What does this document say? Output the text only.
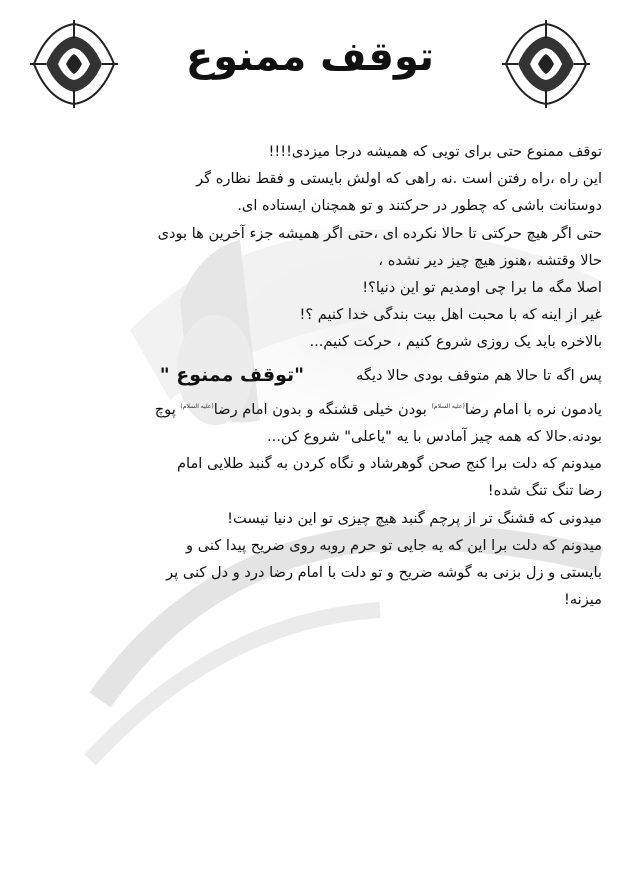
توقف ممنوع

توقف ممنوع حتی برای تویی که همیشه درجا میزدی!!!!

این راه ،راه رفتن است .نه راهی که اولش بایستی و فقط نظاره گر

دوستانت باشی که چطور در حرکتند و تو همچنان ایستاده ای.

حتی اگر هیچ حرکتی تا حالا نکرده ای ،حتی اگر همیشه جزء آخرین ها بودی

حالا وقتشه ،هنوز هیچ چیز دیر نشده ،

اصلا مگه ما برا چی اومدیم تو این دنیا؟!

غیر از اینه که با محبت اهل بیت بندگی خدا کنیم ؟!

بالاخره باید یک روزی شروع کنیم ، حرکت کنیم...

پس اگه تا حالا هم متوقف بودی حالا دیگه
"توقف ممنوع "

یادمون نره با امام رضا$^{(علیه السلام)}$ بودن خیلی قشنگه و بدون امام رضا$^{(علیه السلام)}$ پوچ

بودنه.حالا که همه چیز آمادس با یه "یاعلی" شروع کن...

میدونم که دلت برا کنج صحن گوهرشاد و نگاه کردن به گنبد طلایی امام

رضا تنگ تنگ شده!

میدونی که قشنگ تر از پرچم گنبد هیچ چیزی تو این دنیا نیست!

میدونم که دلت برا این که یه جایی تو حرم روبه روی ضریح پیدا کنی و

بایستی و زل بزنی به گوشه ضریح و تو دلت با امام رضا درد و دل کنی پر

میزنه!
